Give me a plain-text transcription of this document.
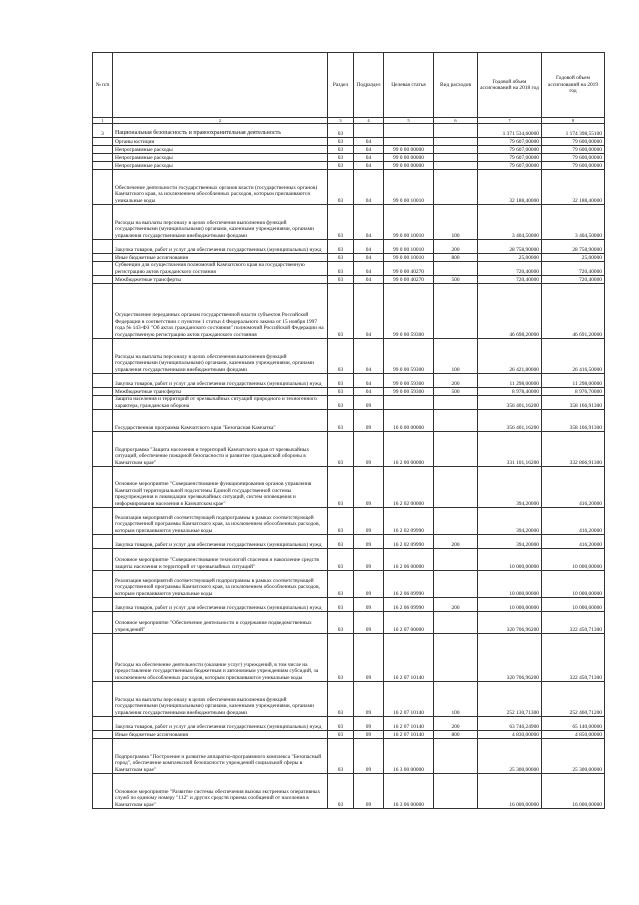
№ п/п		Раздел	Подраздел	Целевая статья	Вид расходов	Годовой объем ассигнований на 2018 год	Годовой объем ассигнований на 2019 год
1	2	3	4	5	6	7	8
3	Национальная безопасность и правоохранительная деятельность	03				1 371 534,60000	1 174 398,55100
	Органы юстиции	03	04			79 607,00000	79 600,00000
	Непрограммные расходы	03	04	99 0 00 00000		79 607,00000	79 600,00000
	Непрограммные расходы	03	04	99 0 00 00000		79 607,00000	79 600,00000
	Непрограммные расходы	03	04	99 0 00 00000		79 607,00000	79 600,00000
	Обеспечение деятельности государственных органов власти (государственных органов) Камчатского края, за исключением обособленных расходов, которым присваиваются уникальные коды	03	04	99 0 00 10010		32 188,40000	32 188,40000
	Расходы на выплаты персоналу в целях обеспечения выполнения функций государственными (муниципальными) органами, казенными учреждениями, органами управления государственными внебюджетными фондами	03	04	99 0 00 10010	100	3 404,50000	3 404,50000
	Закупка товаров, работ и услуг для обеспечения государственных (муниципальных) нужд	03	04	99 0 00 10010	200	28 758,90000	28 758,90000
	Иные бюджетные ассигнования	03	04	99 0 00 10010	800	25,00000	25,00000
	Субвенции для осуществления полномочий Камчатского края на государственную регистрацию актов гражданского состояния	03	04	99 0 00 40270		720,40000	720,40000
	Межбюджетные трансферты	03	04	99 0 00 40270	500	720,40000	720,40000
	Осуществление переданных органам государственной власти субъектов Российской Федерации в соответствии с пунктом 1 статьи 4 Федерального закона от 15 ноября 1997 года № 143-ФЗ "Об актах гражданского состояния" полномочий Российской Федерации на государственную регистрацию актов гражданского состояния	03	04	99 0 00 59300		46 698,20000	46 691,20000
	Расходы на выплаты персоналу в целях обеспечения выполнения функций государственными (муниципальными) органами, казенными учреждениями, органами управления государственными внебюджетными фондами	03	04	99 0 00 59300	100	26 421,80000	26 416,50000
	Закупка товаров, работ и услуг для обеспечения государственных (муниципальных) нужд	03	04	99 0 00 59300	200	11 298,00000	11 298,00000
	Межбюджетные трансферты	03	04	99 0 00 59300	500	8 978,40000	8 976,70000
	Защита населения и территорий от чрезвычайных ситуаций природного и техногенного характера, гражданская оборона	03	09			356 401,16200	358 166,91300
	Государственная программа Камчатского края "Безопасная Камчатка"	03	09	16 0 00 00000		356 401,16200	358 166,91300
	Подпрограмма "Защита населения и территорий Камчатского края от чрезвычайных ситуаций, обеспечение пожарной безопасности и развитие гражданской обороны в Камчатском крае"	03	09	16 2 00 00000		331 101,16200	332 866,91300
	Основное мероприятие "Совершенствование функционирования органов управления Камчатской территориальной подсистемы Единой государственной системы предупреждения и ликвидации чрезвычайных ситуаций, систем оповещения и информирования населения в Камчатском крае"	03	09	16 2 02 00000		394,20000	416,20000
	Реализация мероприятий соответствующей подпрограммы в рамках соответствующей государственной программы Камчатского края, за исключением обособленных расходов, которым присваиваются уникальные коды	03	09	16 2 02 09990		394,20000	416,20000
	Закупка товаров, работ и услуг для обеспечения государственных (муниципальных) нужд	03	09	16 2 02 09990	200	394,20000	416,20000
	Основное мероприятие "Совершенствование технологий спасения и накопление средств защиты населения и территорий от чрезвычайных ситуаций"	03	09	16 2 06 00000		10 000,00000	10 000,00000
	Реализация мероприятий соответствующей подпрограммы в рамках соответствующей государственной программы Камчатского края, за исключением обособленных расходов, которым присваиваются уникальные коды	03	09	16 2 06 09990		10 000,00000	10 000,00000
	Закупка товаров, работ и услуг для обеспечения государственных (муниципальных) нужд	03	09	16 2 06 09990	200	10 000,00000	10 000,00000
	Основное мероприятие "Обеспечение деятельности и содержание подведомственных учреждений"	03	09	16 2 07 00000		320 706,96200	322 450,71300
	Расходы на обеспечение деятельности (оказание услуг) учреждений, в том числе на предоставление государственным бюджетным и автономным учреждениям субсидий, за исключением обособленных расходов, которым присваиваются уникальные коды	03	09	16 2 07 10140		320 706,96200	322 450,71300
	Расходы на выплаты персоналу в целях обеспечения выполнения функций государственными (муниципальными) органами, казенными учреждениями, органами управления государственными внебюджетными фондами	03	09	16 2 07 10140	100	252 130,71300	252 460,71200
	Закупка товаров, работ и услуг для обеспечения государственных (муниципальных) нужд	03	09	16 2 07 10140	200	63 746,24900	65 140,00000
	Иные бюджетные ассигнования	03	09	16 2 07 10140	800	4 830,00000	4 850,00000
	Подпрограмма "Построение и развитие аппаратно-программного комплекса "Безопасный город", обеспечение комплексной безопасности учреждений социальной сферы в Камчатском крае"	03	09	16 3 00 00000		25 300,00000	25 300,00000
	Основное мероприятие "Развитие системы обеспечения вызова экстренных оперативных служб по единому номеру "112" и других средств приема сообщений от населения в Камчатском крае"	03	09	16 3 06 00000		16 000,00000	16 000,00000
